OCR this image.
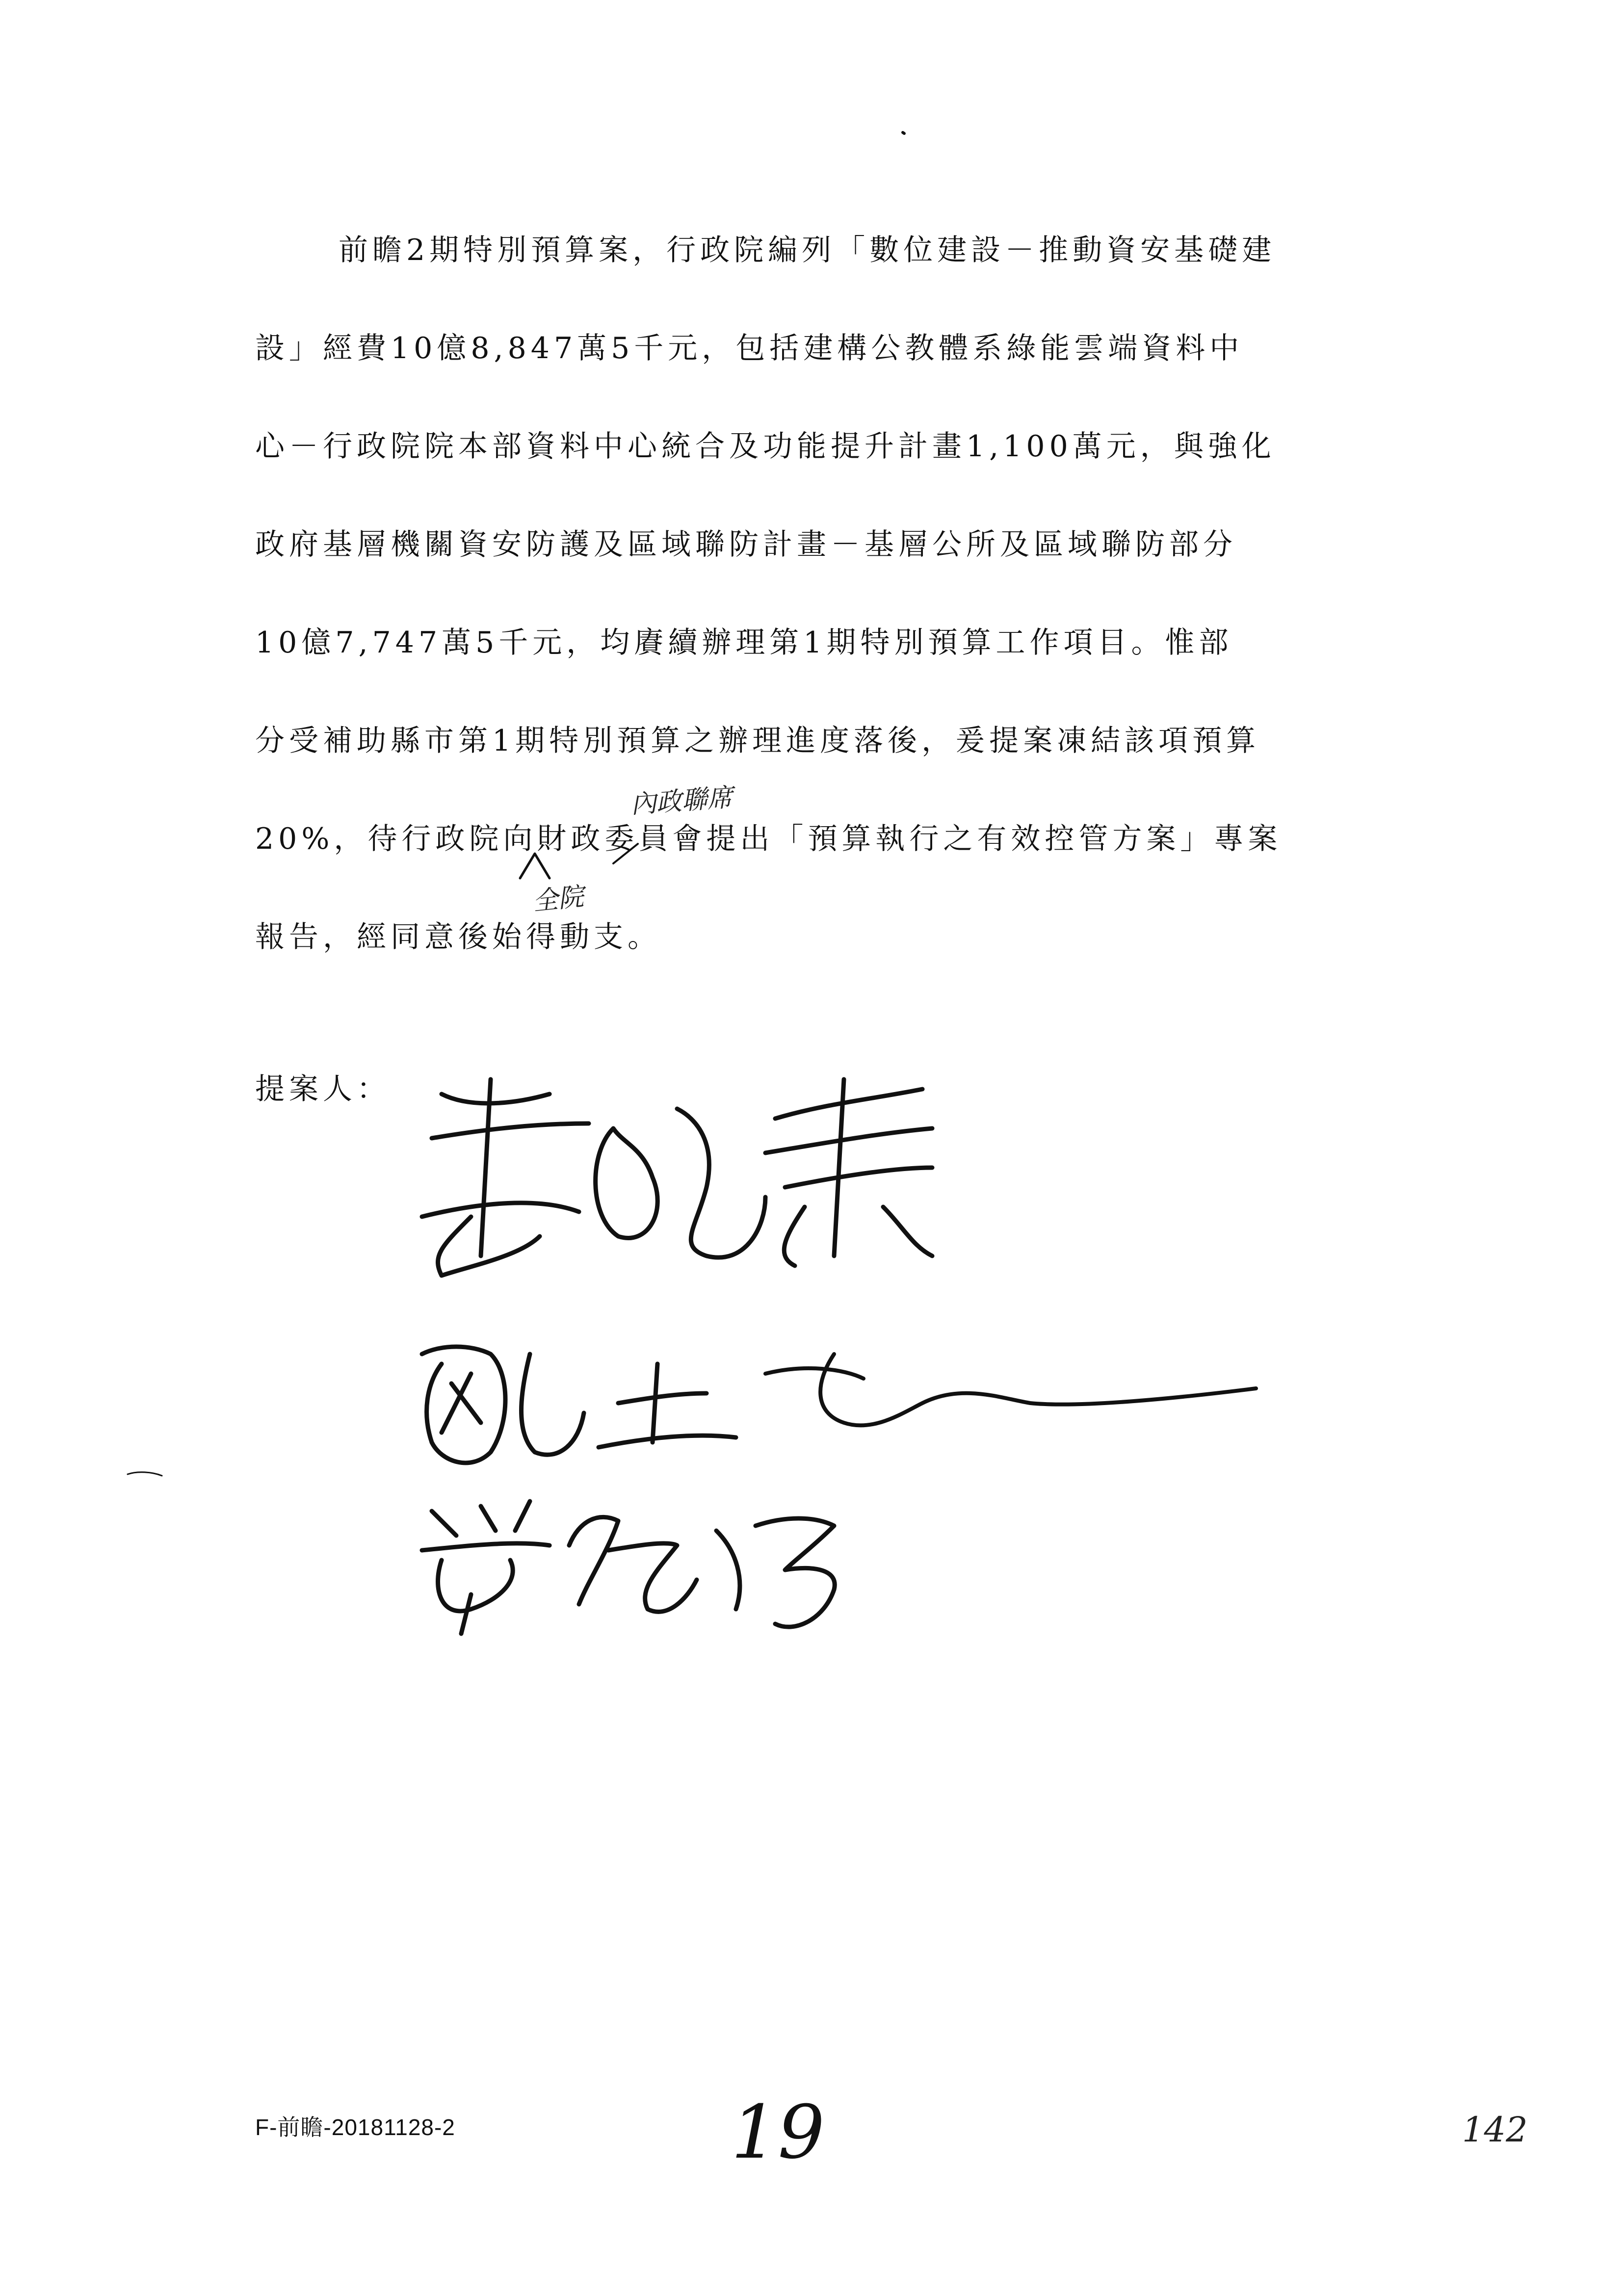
前瞻2期特別預算案，行政院編列「數位建設－推動資安基礎建
設」經費10億8,847萬5千元，包括建構公教體系綠能雲端資料中
心－行政院院本部資料中心統合及功能提升計畫1,100萬元，與強化
政府基層機關資安防護及區域聯防計畫－基層公所及區域聯防部分
10億7,747萬5千元，均賡續辦理第1期特別預算工作項目。惟部
分受補助縣市第1期特別預算之辦理進度落後，爰提案凍結該項預算
20%，待行政院向財政委員會提出「預算執行之有效控管方案」專案
報告，經同意後始得動支。
內政聯席
全院
提案人：
F-前瞻-20181128-2	19	142
